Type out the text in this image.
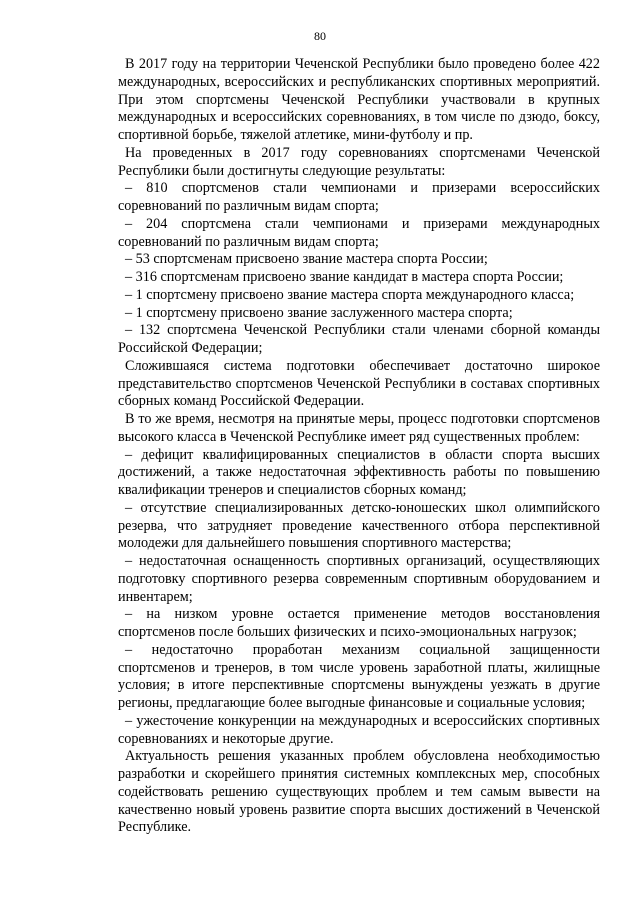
80

В 2017 году на территории Чеченской Республики было проведено более 422 международных, всероссийских и республиканских спортивных мероприятий. При этом спортсмены Чеченской Республики участвовали в крупных международных и всероссийских соревнованиях, в том числе по дзюдо, боксу, спортивной борьбе, тяжелой атлетике, мини-футболу и пр.

На проведенных в 2017 году соревнованиях спортсменами Чеченской Республики были достигнуты следующие результаты:

– 810 спортсменов стали чемпионами и призерами всероссийских соревнований по различным видам спорта;

– 204 спортсмена стали чемпионами и призерами международных соревнований по различным видам спорта;

– 53 спортсменам присвоено звание мастера спорта России;

– 316 спортсменам присвоено звание кандидат в мастера спорта России;

– 1 спортсмену присвоено звание мастера спорта международного класса;

– 1 спортсмену присвоено звание заслуженного мастера спорта;

– 132 спортсмена Чеченской Республики стали членами сборной команды Российской Федерации;

Сложившаяся система подготовки обеспечивает достаточно широкое представительство спортсменов Чеченской Республики в составах спортивных сборных команд Российской Федерации.

В то же время, несмотря на принятые меры, процесс подготовки спортсменов высокого класса в Чеченской Республике имеет ряд существенных проблем:

– дефицит квалифицированных специалистов в области спорта высших достижений, а также недостаточная эффективность работы по повышению квалификации тренеров и специалистов сборных команд;

– отсутствие специализированных детско-юношеских школ олимпийского резерва, что затрудняет проведение качественного отбора перспективной молодежи для дальнейшего повышения спортивного мастерства;

– недостаточная оснащенность спортивных организаций, осуществляющих подготовку спортивного резерва современным спортивным оборудованием и инвентарем;

– на низком уровне остается применение методов восстановления спортсменов после больших физических и психо-эмоциональных нагрузок;

– недостаточно проработан механизм социальной защищенности спортсменов и тренеров, в том числе уровень заработной платы, жилищные условия; в итоге перспективные спортсмены вынуждены уезжать в другие регионы, предлагающие более выгодные финансовые и социальные условия;

– ужесточение конкуренции на международных и всероссийских спортивных соревнованиях и некоторые другие.

Актуальность решения указанных проблем обусловлена необходимостью разработки и скорейшего принятия системных комплексных мер, способных содействовать решению существующих проблем и тем самым вывести на качественно новый уровень развитие спорта высших достижений в Чеченской Республике.
